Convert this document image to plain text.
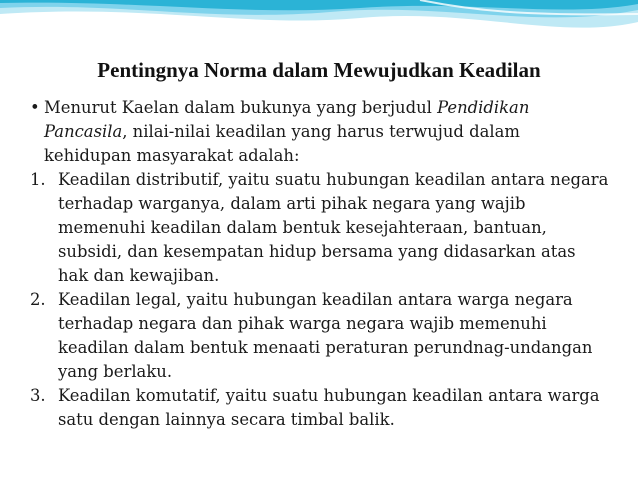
Pentingnya Norma dalam Mewujudkan Keadilan
• Menurut Kaelan dalam bukunya yang berjudul Pendidikan Pancasila, nilai-nilai keadilan yang harus terwujud dalam kehidupan masyarakat adalah:
1. Keadilan distributif, yaitu suatu hubungan keadilan antara negara terhadap warganya, dalam arti pihak negara yang wajib memenuhi keadilan dalam bentuk kesejahteraan, bantuan, subsidi, dan kesempatan hidup bersama yang didasarkan atas hak dan kewajiban.
2. Keadilan legal, yaitu hubungan keadilan antara warga negara terhadap negara dan pihak warga negara wajib memenuhi keadilan dalam bentuk menaati peraturan perundnag-undangan yang berlaku.
3. Keadilan komutatif, yaitu suatu hubungan keadilan antara warga satu dengan lainnya secara timbal balik.
